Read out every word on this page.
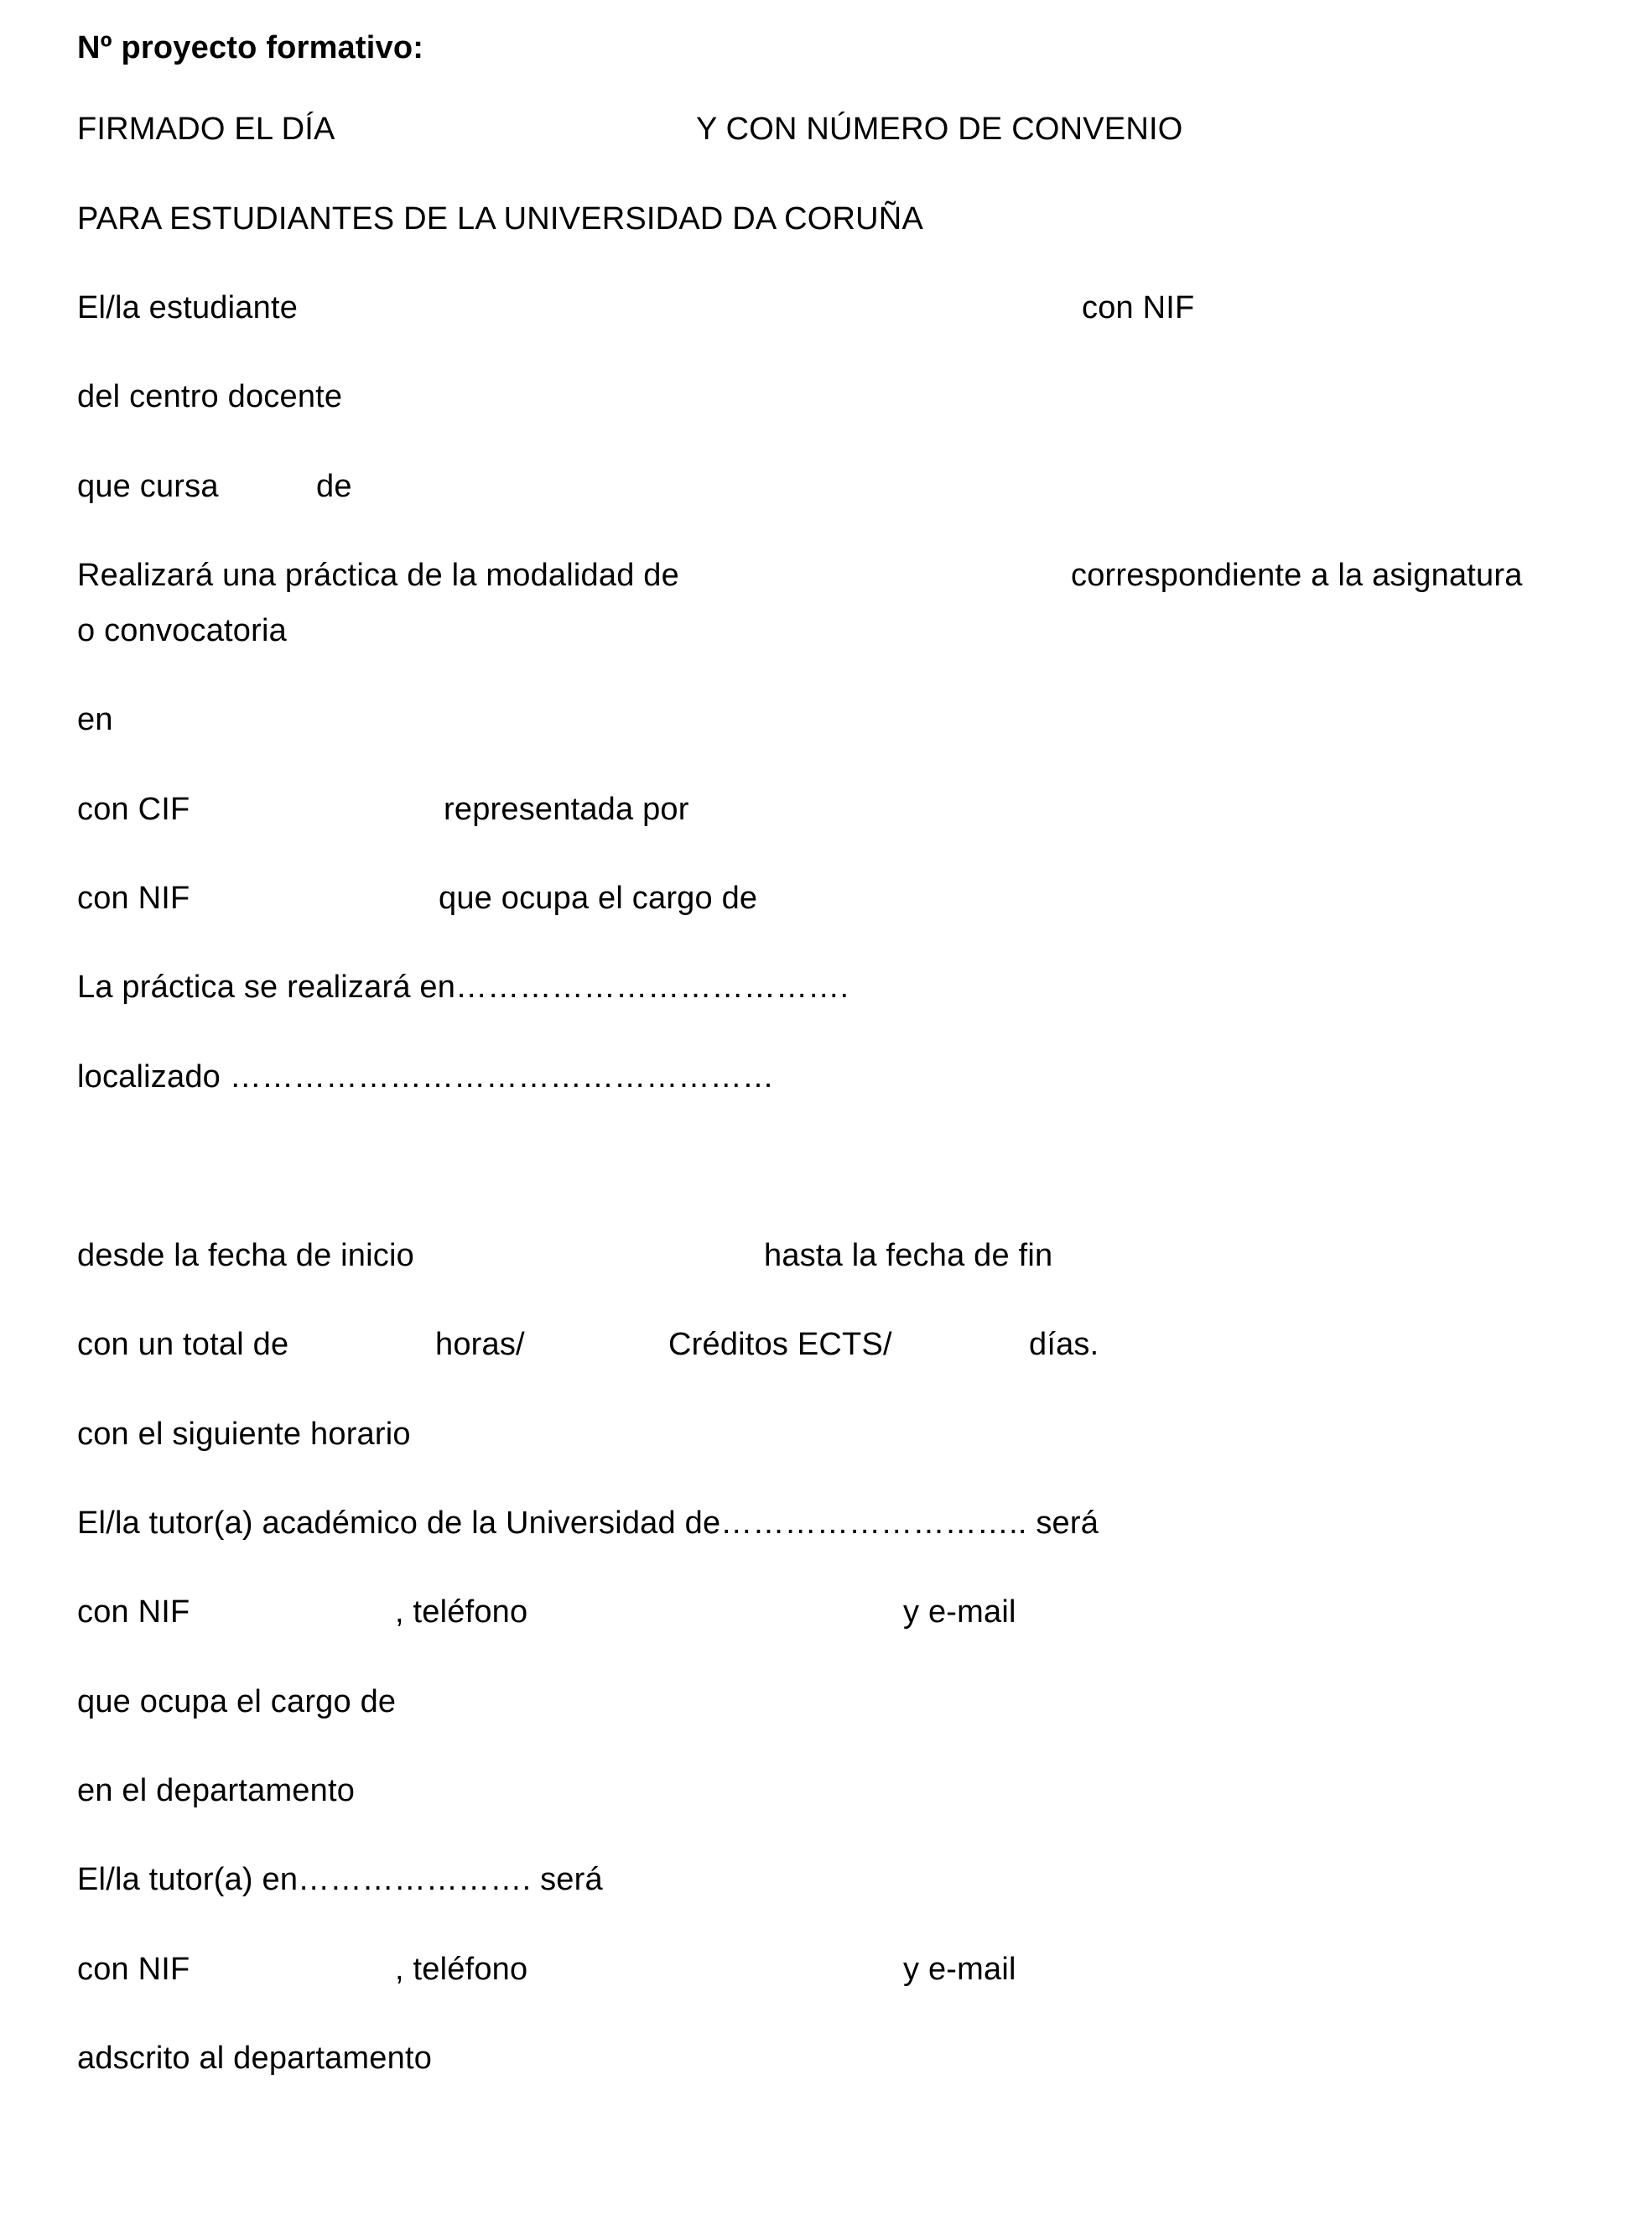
Nº proyecto formativo:
FIRMADO EL DÍA	Y CON NÚMERO DE CONVENIO
PARA ESTUDIANTES DE LA UNIVERSIDAD DA CORUÑA
El/la estudiante	con NIF
del centro docente
que cursa	de
Realizará una práctica de la modalidad de	correspondiente a la asignatura
o convocatoria
en
con CIF	representada por
con NIF	que ocupa el cargo de
La práctica se realizará en……………………………….
localizado ……………………………………………
desde la fecha de inicio	hasta la fecha de fin
con un total de	horas/	Créditos ECTS/	días.
con el siguiente horario
El/la tutor(a) académico de la Universidad de……………………….. será
con NIF	, teléfono	y e-mail
que ocupa el cargo de
en el departamento
El/la tutor(a) en…………………. será
con NIF	, teléfono	y e-mail
adscrito al departamento
